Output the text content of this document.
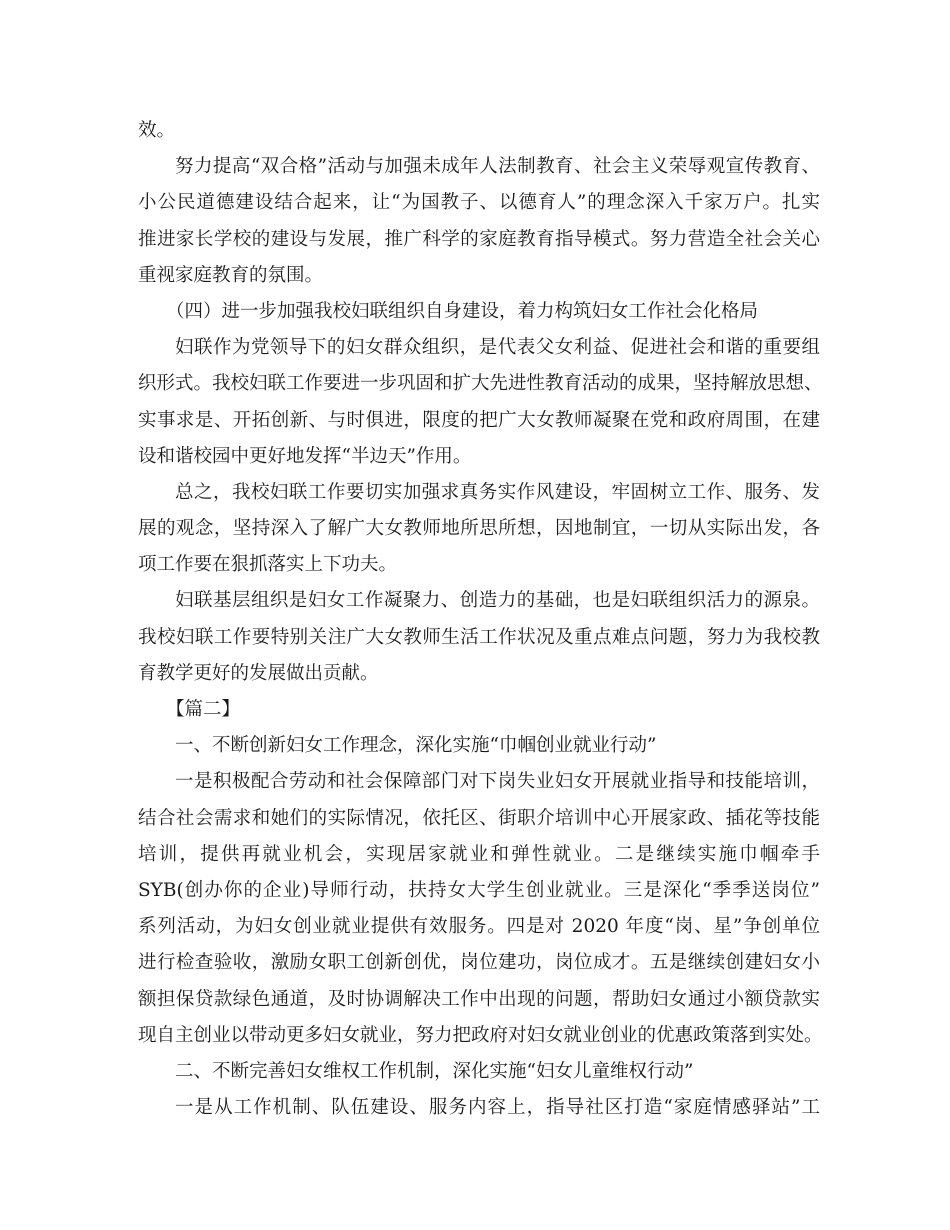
效。
努力提高“双合格”活动与加强未成年人法制教育、社会主义荣辱观宣传教育、
小公民道德建设结合起来，让“为国教子、以德育人”的理念深入千家万户。扎实
推进家长学校的建设与发展，推广科学的家庭教育指导模式。努力营造全社会关心
重视家庭教育的氛围。
（四）进一步加强我校妇联组织自身建设，着力构筑妇女工作社会化格局
妇联作为党领导下的妇女群众组织，是代表父女利益、促进社会和谐的重要组
织形式。我校妇联工作要进一步巩固和扩大先进性教育活动的成果，坚持解放思想、
实事求是、开拓创新、与时俱进，限度的把广大女教师凝聚在党和政府周围，在建
设和谐校园中更好地发挥“半边天”作用。
总之，我校妇联工作要切实加强求真务实作风建设，牢固树立工作、服务、发
展的观念，坚持深入了解广大女教师地所思所想，因地制宜，一切从实际出发，各
项工作要在狠抓落实上下功夫。
妇联基层组织是妇女工作凝聚力、创造力的基础，也是妇联组织活力的源泉。
我校妇联工作要特别关注广大女教师生活工作状况及重点难点问题，努力为我校教
育教学更好的发展做出贡献。
【篇二】
一、不断创新妇女工作理念，深化实施“巾帼创业就业行动”
一是积极配合劳动和社会保障部门对下岗失业妇女开展就业指导和技能培训，
结合社会需求和她们的实际情况，依托区、街职介培训中心开展家政、插花等技能
培训，提供再就业机会，实现居家就业和弹性就业。二是继续实施巾帼牵手
SYB(创办你的企业)导师行动，扶持女大学生创业就业。三是深化“季季送岗位”
系列活动，为妇女创业就业提供有效服务。四是对 2020 年度“岗、星”争创单位
进行检查验收，激励女职工创新创优，岗位建功，岗位成才。五是继续创建妇女小
额担保贷款绿色通道，及时协调解决工作中出现的问题，帮助妇女通过小额贷款实
现自主创业以带动更多妇女就业，努力把政府对妇女就业创业的优惠政策落到实处。
二、不断完善妇女维权工作机制，深化实施“妇女儿童维权行动”
一是从工作机制、队伍建设、服务内容上，指导社区打造“家庭情感驿站”工
